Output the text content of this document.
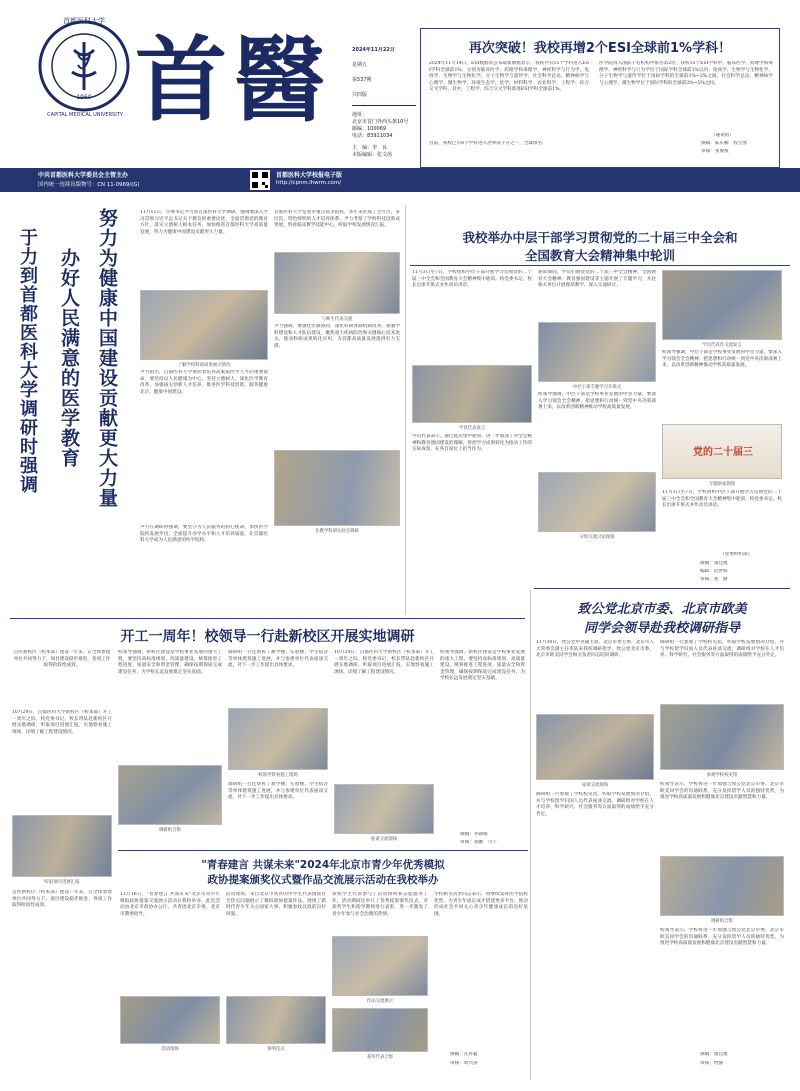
1960
首都医科大学
CAPITAL MEDICAL UNIVERSITY 首醫	2024年11月22日
星期五
第537期
共四版
地址：
北京市首门外西头条10号
邮编：100069
电话：83911034
主　编：李　良
本版编辑：张文茜
中共首都医科大学委员会主管主办
国内统一连续出版物号：CN 11-0969/(G)
首都医科大学校报电子版
http://cpnm.ihwrm.com/
再次突破！我校再增2个ESI全球前1%学科！
2024年11月14日，ESI数据库公布最新数据显示，我校共有15个学科进入ESI学科全球前1%，分别为临床医学、药理学和毒理学、神经科学与行为学、免疫学、生物学与生物化学、分子生物学与遗传学、社会科学总论、精神病学与心理学、微生物学、环境生态学、化学、材料科学、农业科学、工程学、综合交叉学科，其中，工程学、综合交叉学科新进ESI学科全球前1%。
目前，我校已有8个学科进入世界前千分之一，全球排名
医学院再入围前千名机构中排名第2位。我校15个ESI学科中，临床医学、药理学和毒理学、神经科学与行为学位于国际学科全球前1%以内；免疫学、生物学与生物化学、分子生物学与遗传学位于国际学科的全球前1%~3%之间；社会科学总论、精神病学与心理学、微生物学位于国际学科的全球前3%~5%之间。
（通讯组）
撰稿：陈庆楠　程宝寒
审核：张俊根
努力为健康中国建设贡献更大力量
办好人民满意的医学教育
于力到首都医科大学调研时强调
11月11日，市委书记尹力到首都医科大学调研，强调要深入学习贯彻习近平总书记关于教育的重要论述，全面贯彻党的教育方针，落实立德树人根本任务，加快推进首都医科大学高质量发展，努力为健康中国建设贡献更大力量。
首都医科大学是我市重点高等院校，多年来形成了全方位、多层次、特色鲜明的人才培养体系。尹力考察了学校科技创新成果展，察看临床教学技能中心，听取学校发展情况汇报。
了解学校科研成果展示情况
与师生代表交流
尹力指出，首都医科大学承担着培养高素质医学人才的重要使命，要坚持以人民健康为中心，坚持立德树人，深化医学教育改革，加强拔尖创新人才培养，推进医学科技创新，服务健康北京、健康中国建设。
尹力强调，要强化医教协同，深化科研体制机制改革，加强学科建设和人才队伍建设，聚焦重大疾病防治和关键核心技术攻关，推动科研成果转化应用，为首都高质量发展提供有力支撑。
尹力在调研时强调，要坚守为人民服务的初心使命，加快医学院校发展步伐，全面提升办学水平和人才培养质量，让首都医科大学成为人民满意的医学院校。
在教学科研实验室调研
我校举办中层干部学习贯彻党的二十届三中全会和
全国教育大会精神集中轮训
11月3日至7日，学校组织中层干部开展学习贯彻党的二十届三中全会和全国教育大会精神集中轮训。校党委书记、校长出席开班式并作动员讲话。
轮训期间，学员们围绕党的二十届三中全会精神、全国教育大会精神、教育强国建设等主题开展了专题学习，并赴相关单位开展现场教学，深入交流研讨。
中层干部专题学习开班式
学员代表作交流发言
校领导强调，中层干部是学校事业发展的中坚力量，要深入学习领会全会精神，把思想和行动统一到党中央决策部署上来，以改革创新精神推动学校高质量发展。
学员代表发言
学员代表表示，通过此次集中轮训，进一步加深了对全会精神和教育强国建设的理解，将把学习成果转化为推动工作的实际成效，在各自岗位上担当作为。
校领导强调，中层干部是学校事业发展的中坚力量，要深入学习领会全会精神，把思想和行动统一到党中央决策部署上来，以改革创新精神推动学校高质量发展。
分组交流讨论现场
党的二十届三
专题讲座现场
11月3日至7日，学校组织中层干部开展学习贯彻党的二十届三中全会和全国教育大会精神集中轮训。校党委书记、校长出席开班式并作动员讲话。
（党委组织部）
撰稿：康佳澳
编辑：范世辉
审核：张　静
致公党北京市委、北京市欧美
同学会领导赴我校调研指导
11月30日，致公党中央副主席、北京市委主委、北京市人大常委会副主任率队来我校调研指导，致公党北京市委、北京市欧美同学会相关负责同志陪同调研。
调研组一行参观了学校校史馆，听取学校发展情况介绍，并与学校留学归国人员代表座谈交流。调研组对学校在人才培养、科学研究、社会服务等方面取得的成绩给予充分肯定。
参观学校校史馆
座谈交流现场	校领导表示，学校将进一步加强与致公党北京市委、北京市欧美同学会的沟通联系，充分发挥留学人员的独特优势，为推进学校高质量发展和健康北京建设贡献智慧和力量。
调研组一行参观了学校校史馆，听取学校发展情况介绍，并与学校留学归国人员代表座谈交流。调研组对学校在人才培养、科学研究、社会服务等方面取得的成绩给予充分肯定。
调研组合影
校领导表示，学校将进一步加强与致公党北京市委、北京市欧美同学会的沟通联系，充分发挥留学人员的独特优势，为推进学校高质量发展和健康北京建设贡献智慧和力量。
撰稿：康佳澳
审核：贾静
开工一周年！校领导一行赴新校区开展实地调研
首医新校区（校本部）建设一年来，在全体参建单位共同努力下，项目建设稳步推进，各项工作取得阶段性成效。
10月29日，首都医科大学新校区（校本部）开工一周年之际，校党委书记、校长带队赴新校区开展实地调研，听取项目进展汇报，实地察看施工现场，详细了解工程建设情况。
校领导强调，新校区建设是学校事业发展的重大工程，要坚持高标准规划、高质量建设，统筹推进工程进度、质量安全和资金管理，确保按期保质完成建设任务，为学校长远发展奠定坚实基础。
调研组一行还察看了教学楼、实验楼、学生宿舍等单体建筑施工进展，并与参建单位代表座谈交流，对下一步工作提出具体要求。
校领导察看施工现场
10月29日，首都医科大学新校区（校本部）开工一周年之际，校党委书记、校长带队赴新校区开展实地调研，听取项目进展汇报，实地察看施工现场，详细了解工程建设情况。
校领导强调，新校区建设是学校事业发展的重大工程，要坚持高标准规划、高质量建设，统筹推进工程进度、质量安全和资金管理，确保按期保质完成建设任务，为学校长远发展奠定坚实基础。
听取项目进展汇报
调研组合影
调研组一行还察看了教学楼、实验楼、学生宿舍等单体建筑施工进展，并与参建单位代表座谈交流，对下一步工作提出具体要求。
座谈交流现场
撰稿：李锦娟
审核：张鹏　马宁
首医新校区（校本部）建设一年来，在全体参建单位共同努力下，项目建设稳步推进，各项工作取得阶段性成效。
"青春建言 共谋未来"2024年北京市青少年优秀模拟
政协提案颁奖仪式暨作品交流展示活动在我校举办
11月16日，"青春建言 共谋未来"北京市青少年模拟政协提案交流展示活动在我校举办。此次活动由北京市政协办公厅、共青团北京市委、北京市教委指导。
活动现场
活动现场，来自北京市各区的中学生代表围绕社会热点问题展示了模拟政协提案作品，展现了新时代青少年关心国家大事、积极参政议政的良好风貌。
颁奖仪式
我校学生代表参与了活动组织和志愿服务工作。活动期间还举行了优秀提案颁奖仪式，对获奖学生和指导教师进行表彰，进一步激发了青少年参与社会治理的热情。
作品交流展示
获奖代表合影
学校相关负责同志表示，将继续发挥医学院校优势，为青少年成长成才搭建更多平台，推动形成社会共同关心青少年健康成长的良好氛围。
撰稿：孔祥鑫
审核：周兴国
